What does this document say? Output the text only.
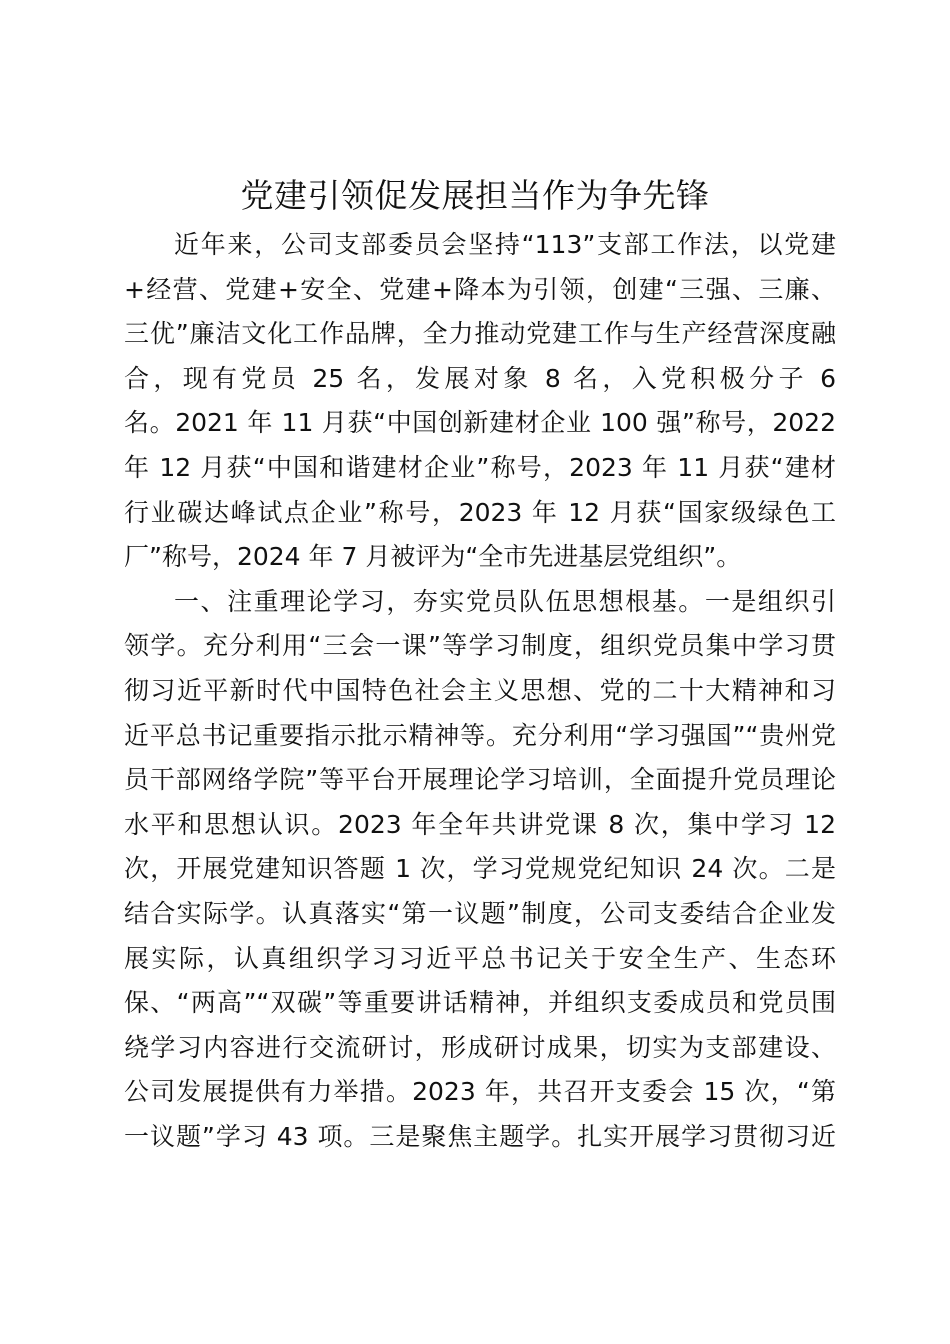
党建引领促发展担当作为争先锋
近年来，公司支部委员会坚持“113”支部工作法，以党建
+经营、党建+安全、党建+降本为引领，创建“三强、三廉、
三优”廉洁文化工作品牌，全力推动党建工作与生产经营深度融
合，现有党员 25 名，发展对象 8 名，入党积极分子 6
名。2021 年 11 月获“中国创新建材企业 100 强”称号，2022
年 12 月获“中国和谐建材企业”称号，2023 年 11 月获“建材
行业碳达峰试点企业”称号，2023 年 12 月获“国家级绿色工
厂”称号，2024 年 7 月被评为“全市先进基层党组织”。
一、注重理论学习，夯实党员队伍思想根基。一是组织引
领学。充分利用“三会一课”等学习制度，组织党员集中学习贯
彻习近平新时代中国特色社会主义思想、党的二十大精神和习
近平总书记重要指示批示精神等。充分利用“学习强国”“贵州党
员干部网络学院”等平台开展理论学习培训，全面提升党员理论
水平和思想认识。2023 年全年共讲党课 8 次，集中学习 12
次，开展党建知识答题 1 次，学习党规党纪知识 24 次。二是
结合实际学。认真落实“第一议题”制度，公司支委结合企业发
展实际，认真组织学习习近平总书记关于安全生产、生态环
保、“两高”“双碳”等重要讲话精神，并组织支委成员和党员围
绕学习内容进行交流研讨，形成研讨成果，切实为支部建设、
公司发展提供有力举措。2023 年，共召开支委会 15 次，“第
一议题”学习 43 项。三是聚焦主题学。扎实开展学习贯彻习近
